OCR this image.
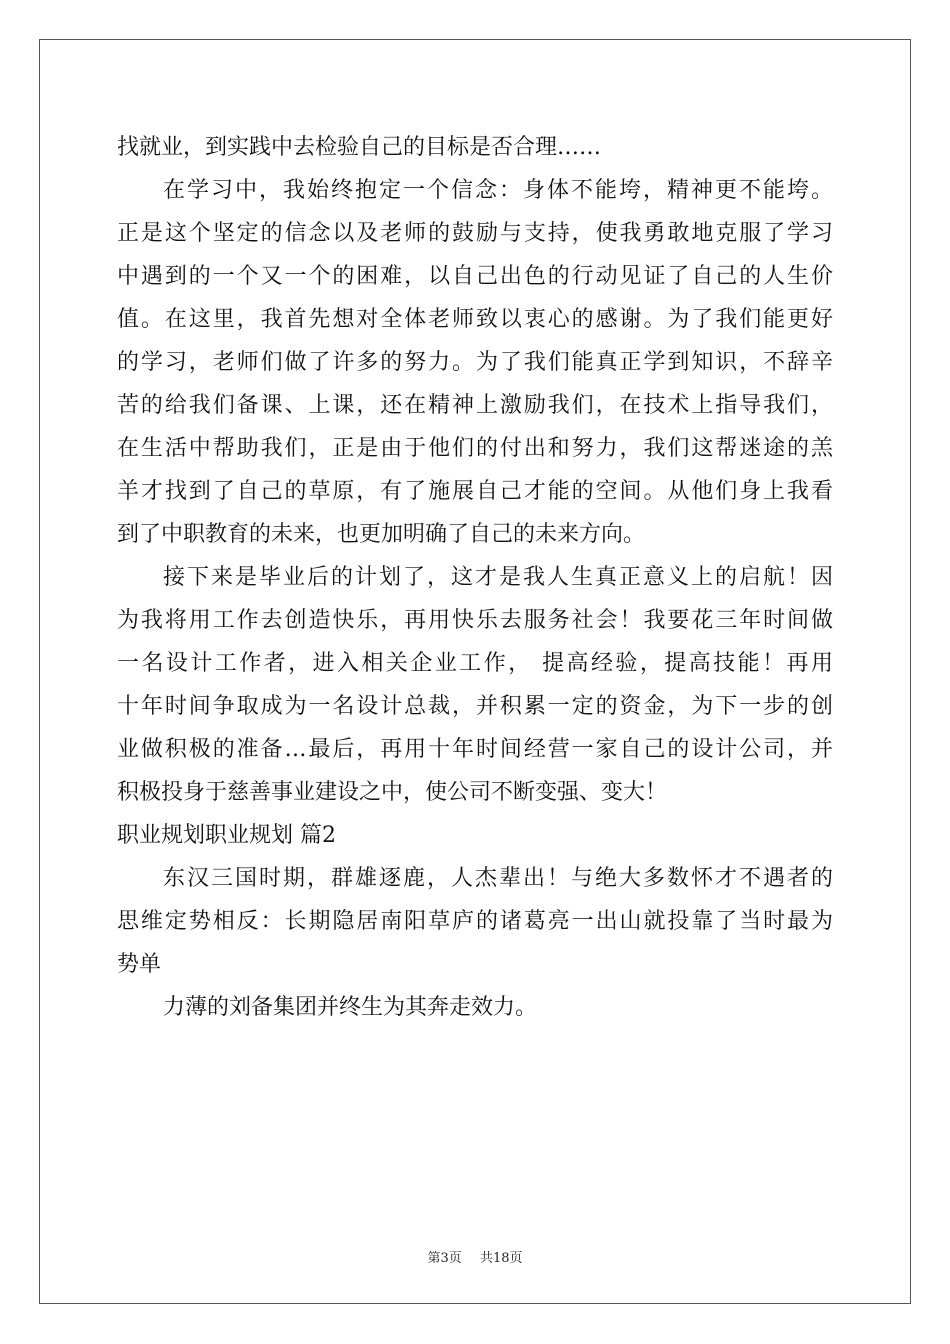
找就业，到实践中去检验自己的目标是否合理……
在学习中，我始终抱定一个信念：身体不能垮，精神更不能垮。
正是这个坚定的信念以及老师的鼓励与支持，使我勇敢地克服了学习
中遇到的一个又一个的困难，以自己出色的行动见证了自己的人生价
值。在这里，我首先想对全体老师致以衷心的感谢。为了我们能更好
的学习，老师们做了许多的努力。为了我们能真正学到知识，不辞辛
苦的给我们备课、上课，还在精神上激励我们，在技术上指导我们，
在生活中帮助我们，正是由于他们的付出和努力，我们这帮迷途的羔
羊才找到了自己的草原，有了施展自己才能的空间。从他们身上我看
到了中职教育的未来，也更加明确了自己的未来方向。
接下来是毕业后的计划了，这才是我人生真正意义上的启航！因
为我将用工作去创造快乐，再用快乐去服务社会！我要花三年时间做
一名设计工作者，进入相关企业工作， 提高经验，提高技能！再用
十年时间争取成为一名设计总裁，并积累一定的资金，为下一步的创
业做积极的准备…最后，再用十年时间经营一家自己的设计公司，并
积极投身于慈善事业建设之中，使公司不断变强、变大！
职业规划职业规划 篇2
东汉三国时期，群雄逐鹿，人杰辈出！与绝大多数怀才不遇者的
思维定势相反：长期隐居南阳草庐的诸葛亮一出山就投靠了当时最为
势单
力薄的刘备集团并终生为其奔走效力。
第3页 共18页
